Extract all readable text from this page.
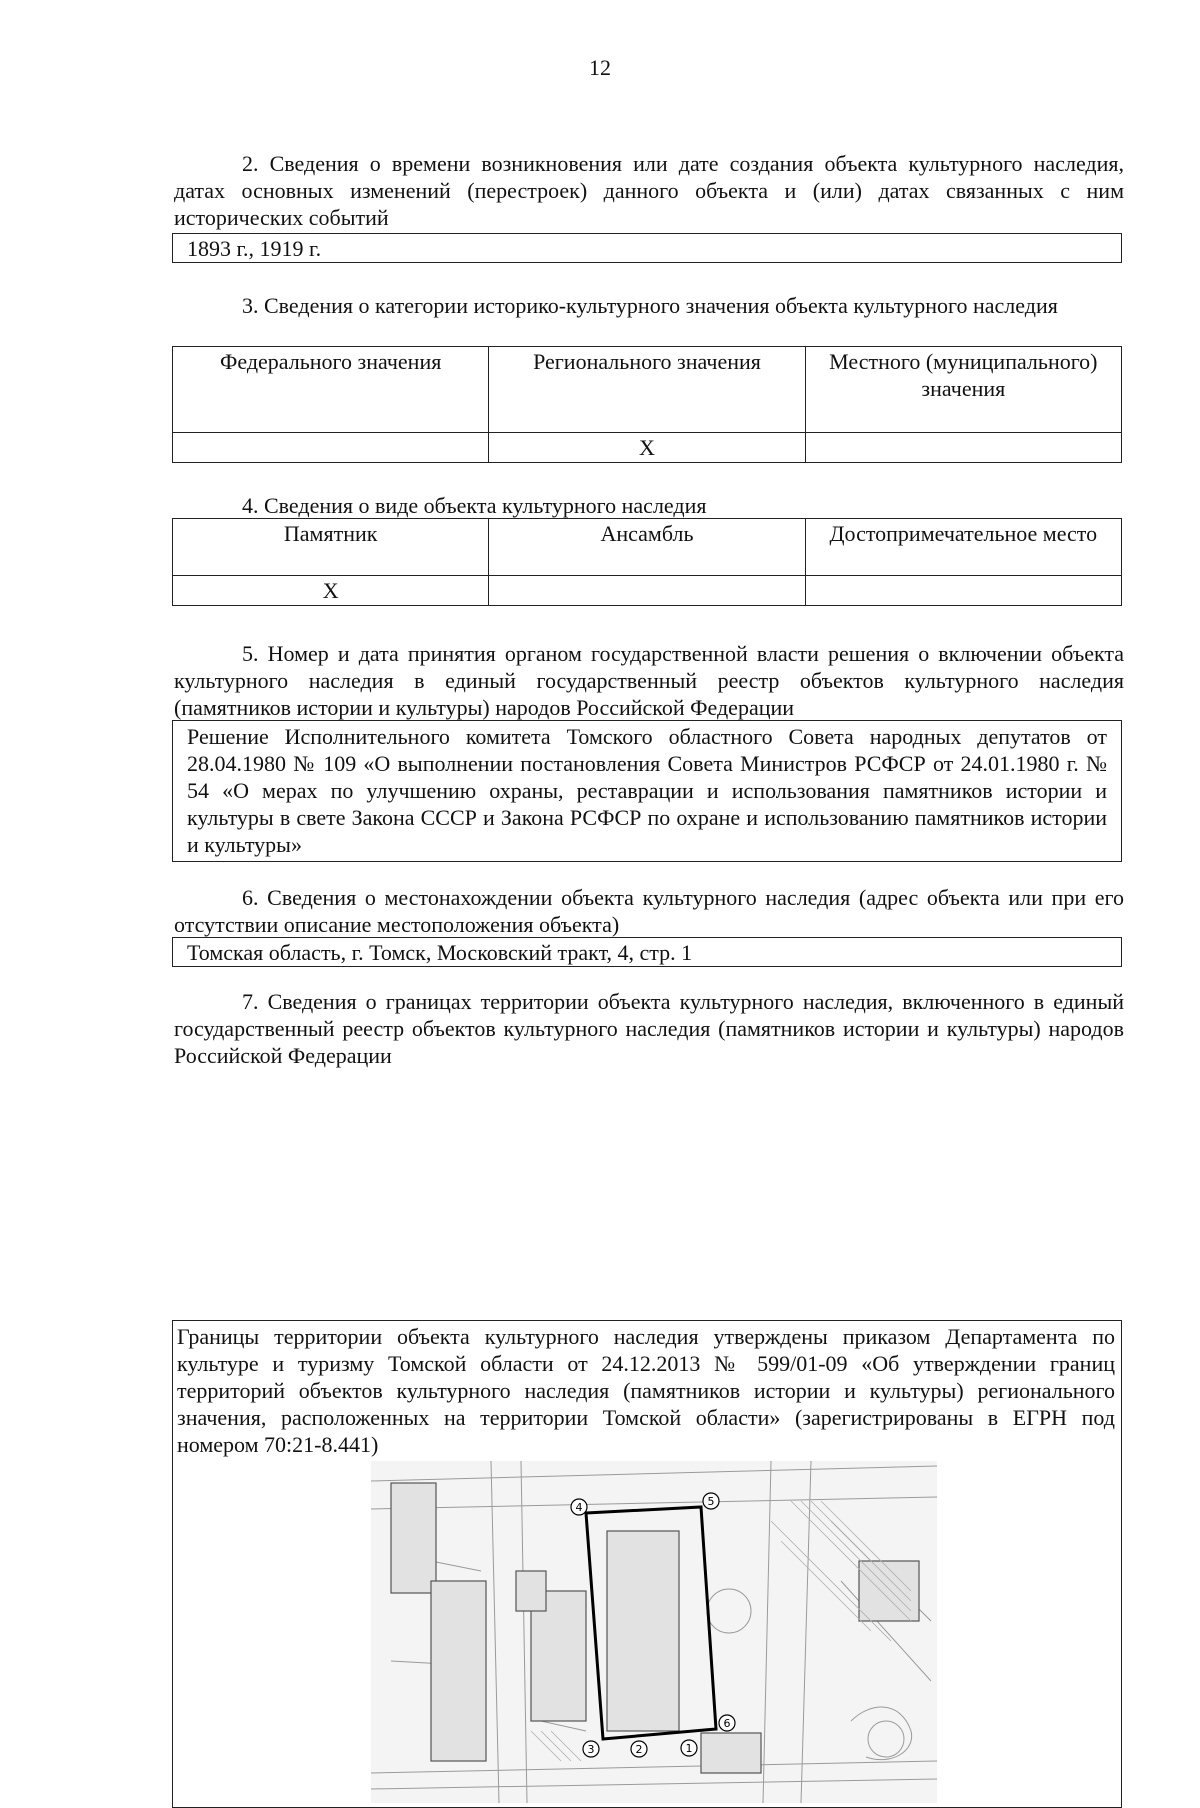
12
2. Сведения о времени возникновения или дате создания объекта культурного наследия, датах основных изменений (перестроек) данного объекта и (или) датах связанных с ним исторических событий
1893 г., 1919 г.
3. Сведения о категории историко-культурного значения объекта культурного наследия
Федерального значения	Регионального значения	Местного (муниципального) значения
	Х	
4. Сведения о виде объекта культурного наследия
Памятник	Ансамбль	Достопримечательное место
Х		
5. Номер и дата принятия органом государственной власти решения о включении объекта культурного наследия в единый государственный реестр объектов культурного наследия (памятников истории и культуры) народов Российской Федерации
Решение Исполнительного комитета Томского областного Совета народных депутатов от 28.04.1980 № 109 «О выполнении постановления Совета Министров РСФСР от 24.01.1980 г. № 54 «О мерах по улучшению охраны, реставрации и использования памятников истории и культуры в свете Закона СССР и Закона РСФСР по охране и использованию памятников истории и культуры»
6. Сведения о местонахождении объекта культурного наследия (адрес объекта или при его отсутствии описание местоположения объекта)
Томская область, г. Томск, Московский тракт, 4, стр. 1
7. Сведения о границах территории объекта культурного наследия, включенного в единый государственный реестр объектов культурного наследия (памятников истории и культуры) народов Российской Федерации
Границы территории объекта культурного наследия утверждены приказом Департамента по культуре и туризму Томской области от 24.12.2013 № 599/01-09 «Об утверждении границ территорий объектов культурного наследия (памятников истории и культуры) регионального значения, расположенных на территории Томской области» (зарегистрированы в ЕГРН под номером 70:21-8.441)
4	5
6
1
2
3
